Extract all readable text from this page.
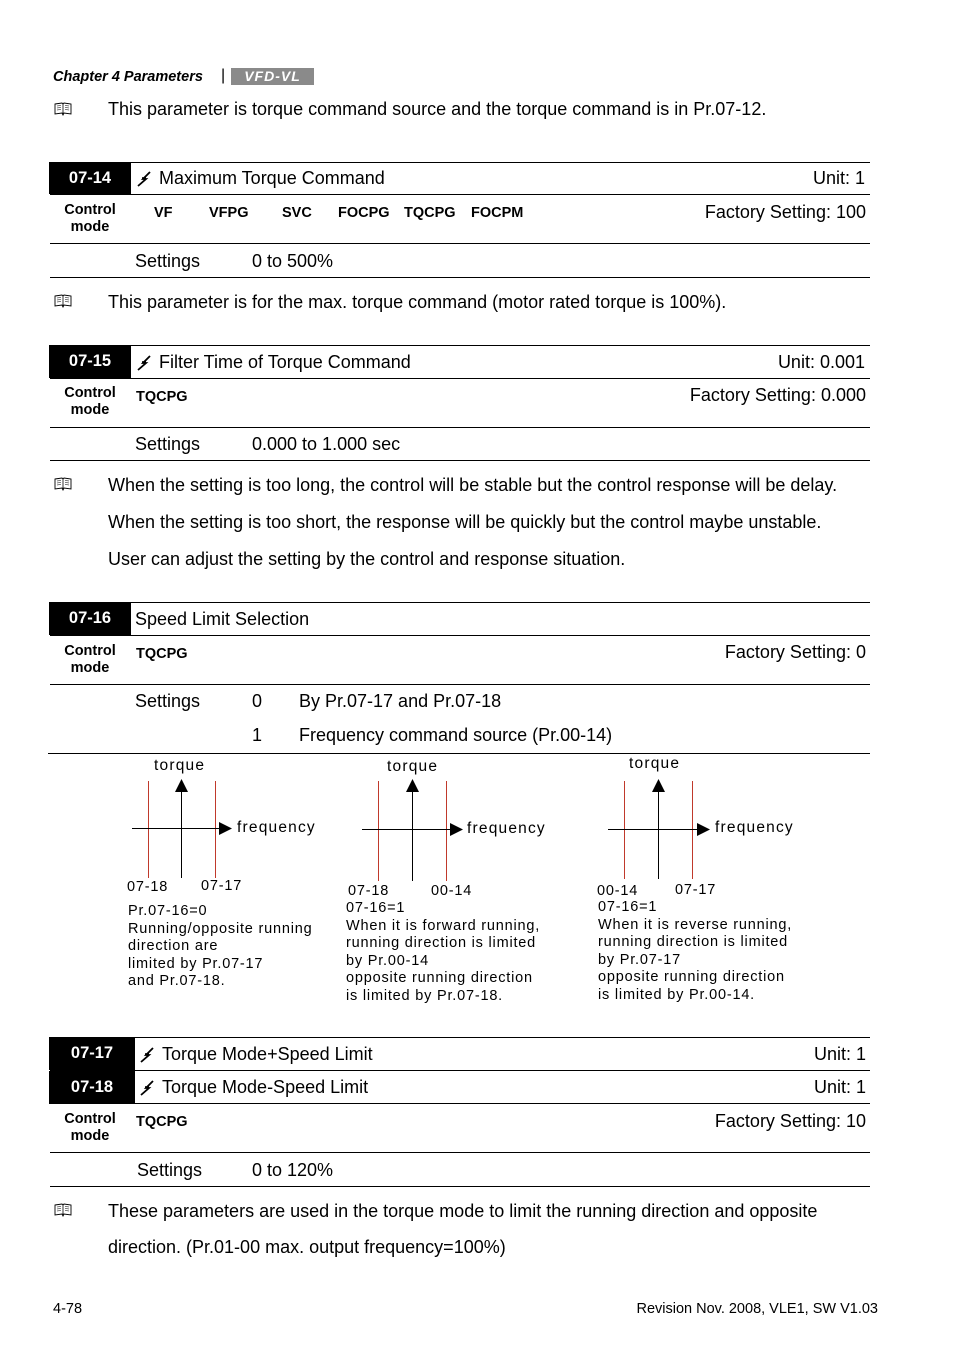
Chapter 4 Parameters |	VFD-VL
This parameter is torque command source and the torque command is in Pr.07-12.
07-14	Maximum Torque Command	Unit: 1
Control
mode
VF	VFPG SVC FOCPG TQCPG FOCPM	Factory Setting: 100
Settings	0 to 500%
This parameter is for the max. torque command (motor rated torque is 100%).
07-15	Filter Time of Torque Command	Unit: 0.001
Control
mode
TQCPG	Factory Setting: 0.000
Settings	0.000 to 1.000 sec
When the setting is too long, the control will be stable but the control response will be delay.
When the setting is too short, the response will be quickly but the control maybe unstable.
User can adjust the setting by the control and response situation.
07-16	Speed Limit Selection
Control
mode
TQCPG	Factory Setting: 0
Settings	0 By Pr.07-17 and Pr.07-18
1 Frequency command source (Pr.00-14)
torque
frequency
07-18 07-17
Pr.07-16=0
Running/opposite running
direction are
limited by Pr.07-17
and Pr.07-18.
torque
frequency
07-18	00-14
07-16=1
When it is forward running,
running direction is limited
by Pr.00-14
opposite running direction
is limited by Pr.07-18.
torque
frequency
00-14	07-17
07-16=1
When it is reverse running,
running direction is limited
by Pr.07-17
opposite running direction
is limited by Pr.00-14.
07-17	Torque Mode+Speed Limit	Unit: 1
07-18	Torque Mode-Speed Limit	Unit: 1
Control
mode
TQCPG	Factory Setting: 10
Settings	0 to 120%
These parameters are used in the torque mode to limit the running direction and opposite
direction. (Pr.01-00 max. output frequency=100%)
4-78	Revision Nov. 2008, VLE1, SW V1.03
